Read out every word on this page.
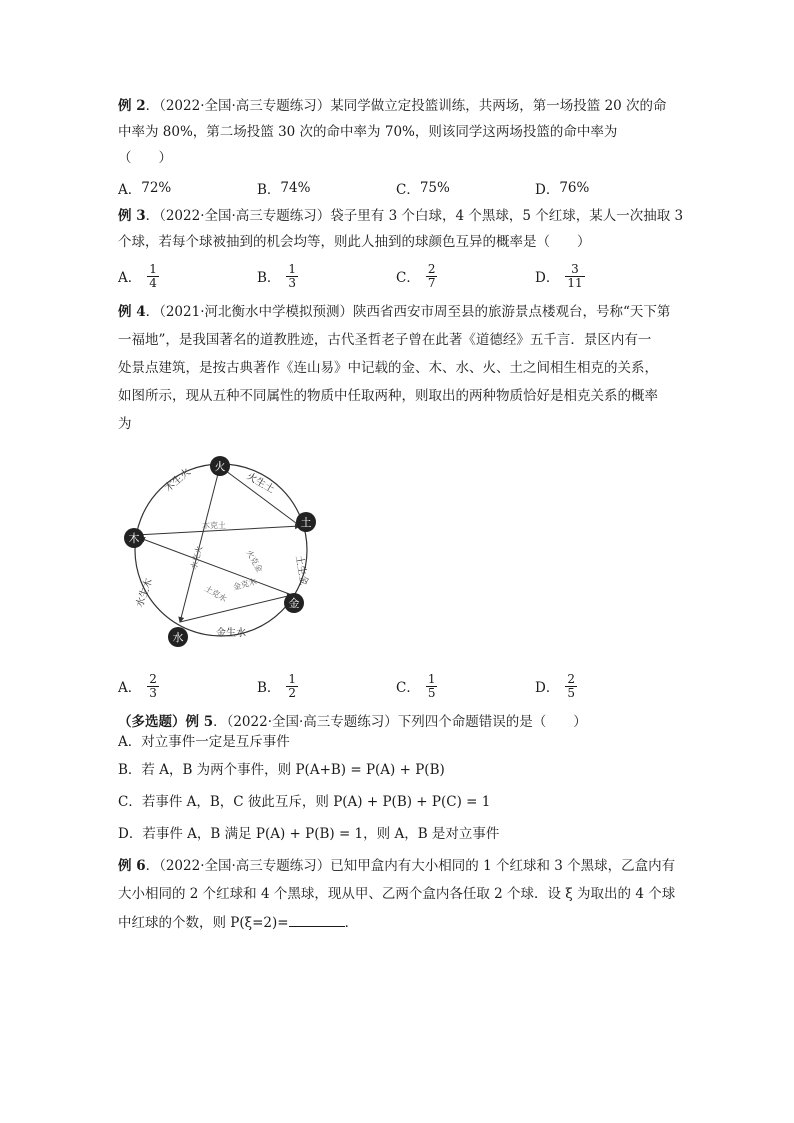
例 2．（2022·全国·高三专题练习）某同学做立定投篮训练，共两场，第一场投篮 20 次的命
中率为 80%，第二场投篮 30 次的命中率为 70%，则该同学这两场投篮的命中率为
（　　）
A． 72%	B． 74%	C． 75%	D． 76%
例 3．（2022·全国·高三专题练习）袋子里有 3 个白球，4 个黑球，5 个红球，某人一次抽取 3
个球，若每个球被抽到的机会均等，则此人抽到的球颜色互异的概率是（　　）
A． $\frac{1}{4}$	B． $\frac{1}{3}$	C． $\frac{2}{7}$	D． $\frac{3}{11}$
例 4．（2021·河北衡水中学模拟预测）陕西省西安市周至县的旅游景点楼观台，号称“天下第
一福地”，是我国著名的道教胜迹，古代圣哲老子曾在此著《道德经》五千言．景区内有一
处景点建筑，是按古典著作《连山易》中记载的金、木、水、火、土之间相生相克的关系，
如图所示，现从五种不同属性的物质中任取两种，则取出的两种物质恰好是相克关系的概率
为
火
土
金
水
木
木生火	火生土
土生金
金生水
水生木
木克土
水克火	火克金
金克木
土克水
A． $\frac{2}{3}$	B． $\frac{1}{2}$	C． $\frac{1}{5}$	D． $\frac{2}{5}$
（多选题）例 5．（2022·全国·高三专题练习）下列四个命题错误的是（　　）
A．对立事件一定是互斥事件
B．若 A，B 为两个事件，则 P(A+B) = P(A) + P(B)
C．若事件 A，B，C 彼此互斥，则 P(A) + P(B) + P(C) = 1
D．若事件 A，B 满足 P(A) + P(B) = 1，则 A，B 是对立事件
例 6．（2022·全国·高三专题练习）已知甲盒内有大小相同的 1 个红球和 3 个黑球，乙盒内有
大小相同的 2 个红球和 4 个黑球，现从甲、乙两个盒内各任取 2 个球．设 ξ 为取出的 4 个球
中红球的个数，则 P(ξ=2)=	．
